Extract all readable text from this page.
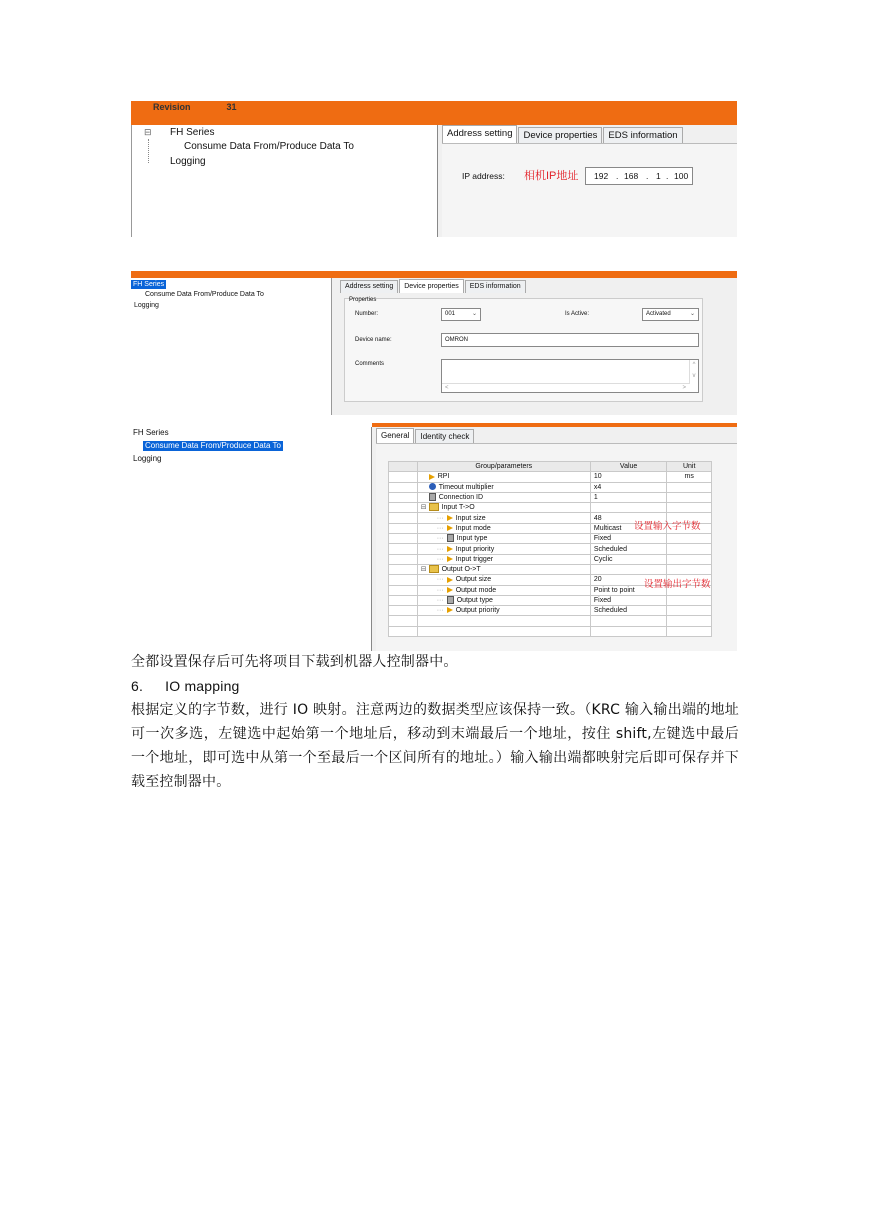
Revision	31
⊟ FH Series
Consume Data From/Produce Data To
Logging
Address setting	Device properties	EDS information
IP address: 相机IP地址 192 . 168 . 1 . 100
FH Series
Consume Data From/Produce Data To
Logging
Address setting	Device properties	EDS information
Properties
Number:	001	⌄	Is Active:	Activated	⌄
Device name:	OMRON
Comments	^
v
<	>
FH Series
Consume Data From/Produce Data To
Logging
General	Identity check
	Group/parameters	Value	Unit
	RPI	10	ms
	Timeout multiplier	x4	
	Connection ID	1	
	⊟ Input T->O		
	··· Input size	48	
	··· Input mode	Multicast	
	··· Input type	Fixed	
	··· Input priority	Scheduled	
	··· Input trigger	Cyclic	
	⊟ Output O->T		
	··· Output size	20	
	··· Output mode	Point to point	
	··· Output type	Fixed	
	··· Output priority	Scheduled	

设置输入字节数
设置输出字节数
全都设置保存后可先将项目下载到机器人控制器中。
6. IO mapping
根据定义的字节数，进行 IO 映射。注意两边的数据类型应该保持一致。（KRC 输入输出端的地址可一次多选，左键选中起始第一个地址后，移动到末端最后一个地址，按住 shift,左键选中最后一个地址，即可选中从第一个至最后一个区间所有的地址。）输入输出端都映射完后即可保存并下载至控制器中。
